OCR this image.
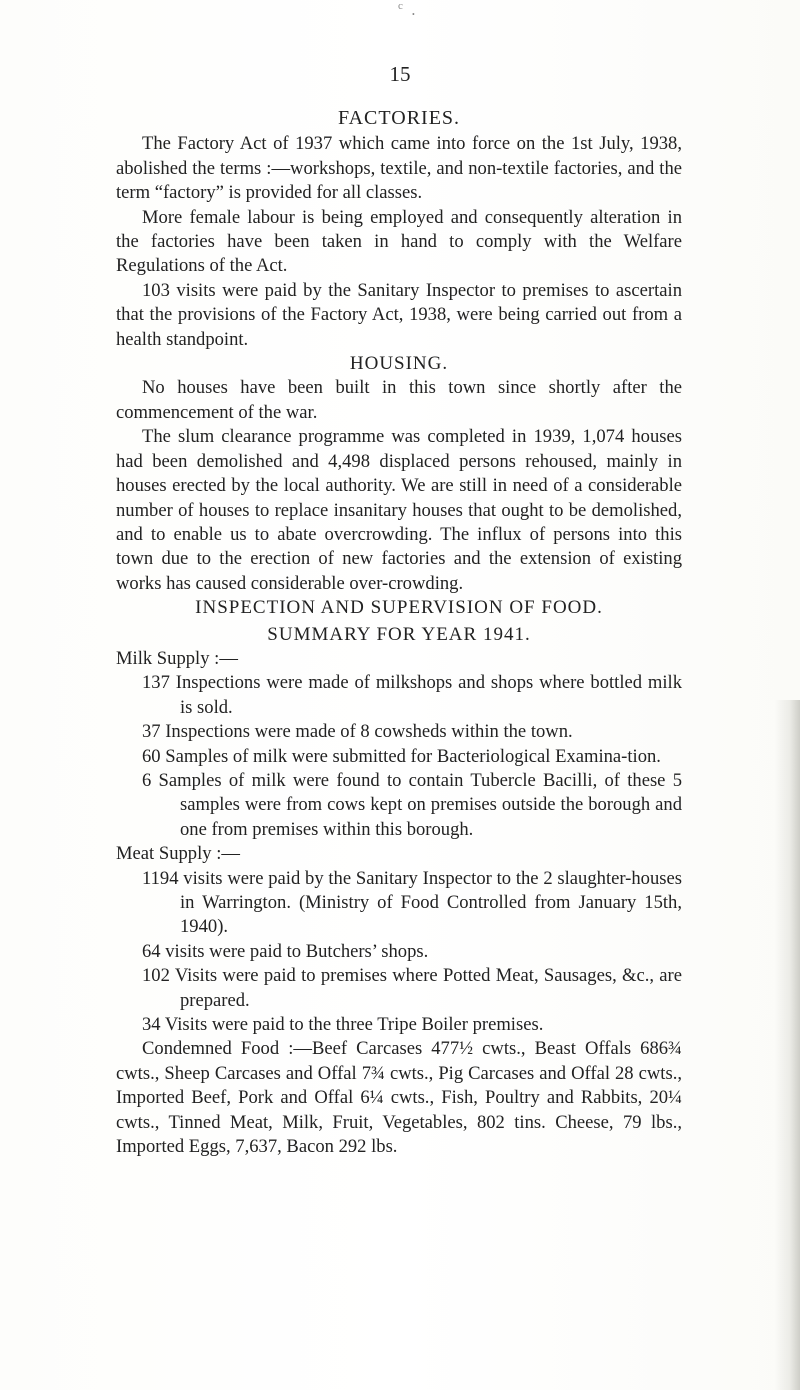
c
•
15
FACTORIES.

The Factory Act of 1937 which came into force on the 1st July, 1938, abolished the terms :—workshops, textile, and non-textile factories, and the term “factory” is provided for all classes.

More female labour is being employed and consequently alteration in the factories have been taken in hand to comply with the Welfare Regulations of the Act.

103 visits were paid by the Sanitary Inspector to premises to ascertain that the provisions of the Factory Act, 1938, were being carried out from a health standpoint.

HOUSING.

No houses have been built in this town since shortly after the commencement of the war.

The slum clearance programme was completed in 1939, 1,074 houses had been demolished and 4,498 displaced persons rehoused, mainly in houses erected by the local authority. We are still in need of a considerable number of houses to replace insanitary houses that ought to be demolished, and to enable us to abate overcrowding. The influx of persons into this town due to the erection of new factories and the extension of existing works has caused considerable over-crowding.

INSPECTION AND SUPERVISION OF FOOD.
SUMMARY FOR YEAR 1941.

Milk Supply :—

137 Inspections were made of milkshops and shops where bottled milk is sold.

37 Inspections were made of 8 cowsheds within the town.

60 Samples of milk were submitted for Bacteriological Examina-tion.

6 Samples of milk were found to contain Tubercle Bacilli, of these 5 samples were from cows kept on premises outside the borough and one from premises within this borough.

Meat Supply :—

1194 visits were paid by the Sanitary Inspector to the 2 slaughter-houses in Warrington. (Ministry of Food Controlled from January 15th, 1940).

64 visits were paid to Butchers’ shops.

102 Visits were paid to premises where Potted Meat, Sausages, &c., are prepared.

34 Visits were paid to the three Tripe Boiler premises.

Condemned Food :—Beef Carcases 477½ cwts., Beast Offals 686¾ cwts., Sheep Carcases and Offal 7¾ cwts., Pig Carcases and Offal 28 cwts., Imported Beef, Pork and Offal 6¼ cwts., Fish, Poultry and Rabbits, 20¼ cwts., Tinned Meat, Milk, Fruit, Vegetables, 802 tins. Cheese, 79 lbs., Imported Eggs, 7,637, Bacon 292 lbs.
